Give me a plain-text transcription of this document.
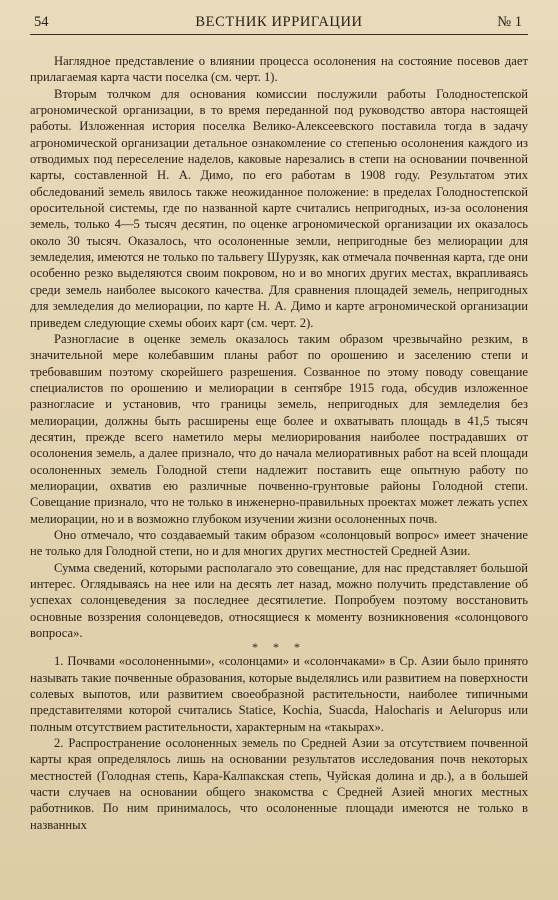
54	ВЕСТНИК ИРРИГАЦИИ	№ 1

Наглядное представление о влиянии процесса осолонения на состояние посевов дает прилагаемая карта части поселка (см. черт. 1).

Вторым толчком для основания комиссии послужили работы Голодностепской агрономической организации, в то время переданной под руководство автора настоящей работы. Изложенная история поселка Велико-Алексеевского поставила тогда в задачу агрономической организации детальное ознакомление со степенью осолонения каждого из отводимых под переселение наделов, каковые нарезались в степи на основании почвенной карты, составленной Н. А. Димо, по его работам в 1908 году. Результатом этих обследований земель явилось также неожиданное положение: в пределах Голодностепской оросительной системы, где по названной карте считались непригодных, из-за осолонения земель, только 4—5 тысяч десятин, по оценке агрономической организации их оказалось около 30 тысяч. Оказалось, что осолоненные земли, непригодные без мелиорации для земледелия, имеются не только по тальвегу Шурузяк, как отмечала почвенная карта, где они особенно резко выделяются своим покровом, но и во многих других местах, вкрапливаясь среди земель наиболее высокого качества. Для сравнения площадей земель, непригодных для земледелия до мелиорации, по карте Н. А. Димо и карте агрономической организации приведем следующие схемы обоих карт (см. черт. 2).

Разногласие в оценке земель оказалось таким образом чрезвычайно резким, в значительной мере колебавшим планы работ по орошению и заселению степи и требовавшим поэтому скорейшего разрешения. Созванное по этому поводу совещание специалистов по орошению и мелиорации в сентябре 1915 года, обсудив изложенное разногласие и установив, что границы земель, непригодных для земледелия без мелиорации, должны быть расширены еще более и охватывать площадь в 41,5 тысяч десятин, прежде всего наметило меры мелиорирования наиболее пострадавших от осолонения земель, а далее признало, что до начала мелиоративных работ на всей площади осолоненных земель Голодной степи надлежит поставить еще опытную работу по мелиорации, охватив ею различные почвенно-грунтовые районы Голодной степи. Совещание признало, что не только в инженерно-правильных проектах может лежать успех мелиорации, но и в возможно глубоком изучении жизни осолоненных почв.

Оно отмечало, что создаваемый таким образом «солонцовый вопрос» имеет значение не только для Голодной степи, но и для многих других местностей Средней Азии.

Сумма сведений, которыми располагало это совещание, для нас представляет большой интерес. Оглядываясь на нее или на десять лет назад, можно получить представление об успехах солонцеведения за последнее десятилетие. Попробуем поэтому восстановить основные воззрения солонцеведов, относящиеся к моменту возникновения «солонцового вопроса».

* * *

1. Почвами «осолоненными», «солонцами» и «солончаками» в Ср. Азии было принято называть такие почвенные образования, которые выделялись или развитием на поверхности солевых выпотов, или развитием своеобразной растительности, наиболее типичными представителями которой считались Statice, Kochia, Suacda, Halocharis и Aelurорus или полным отсутствием растительности, характерным на «такырах».

2. Распространение осолоненных земель по Средней Азии за отсутствием почвенной карты края определялось лишь на основании результатов исследования почв некоторых местностей (Голодная степь, Кара-Калпакская степь, Чуйская долина и др.), а в большей части случаев на основании общего знакомства с Средней Азией многих местных работников. По ним принималось, что осолоненные площади имеются не только в названных
